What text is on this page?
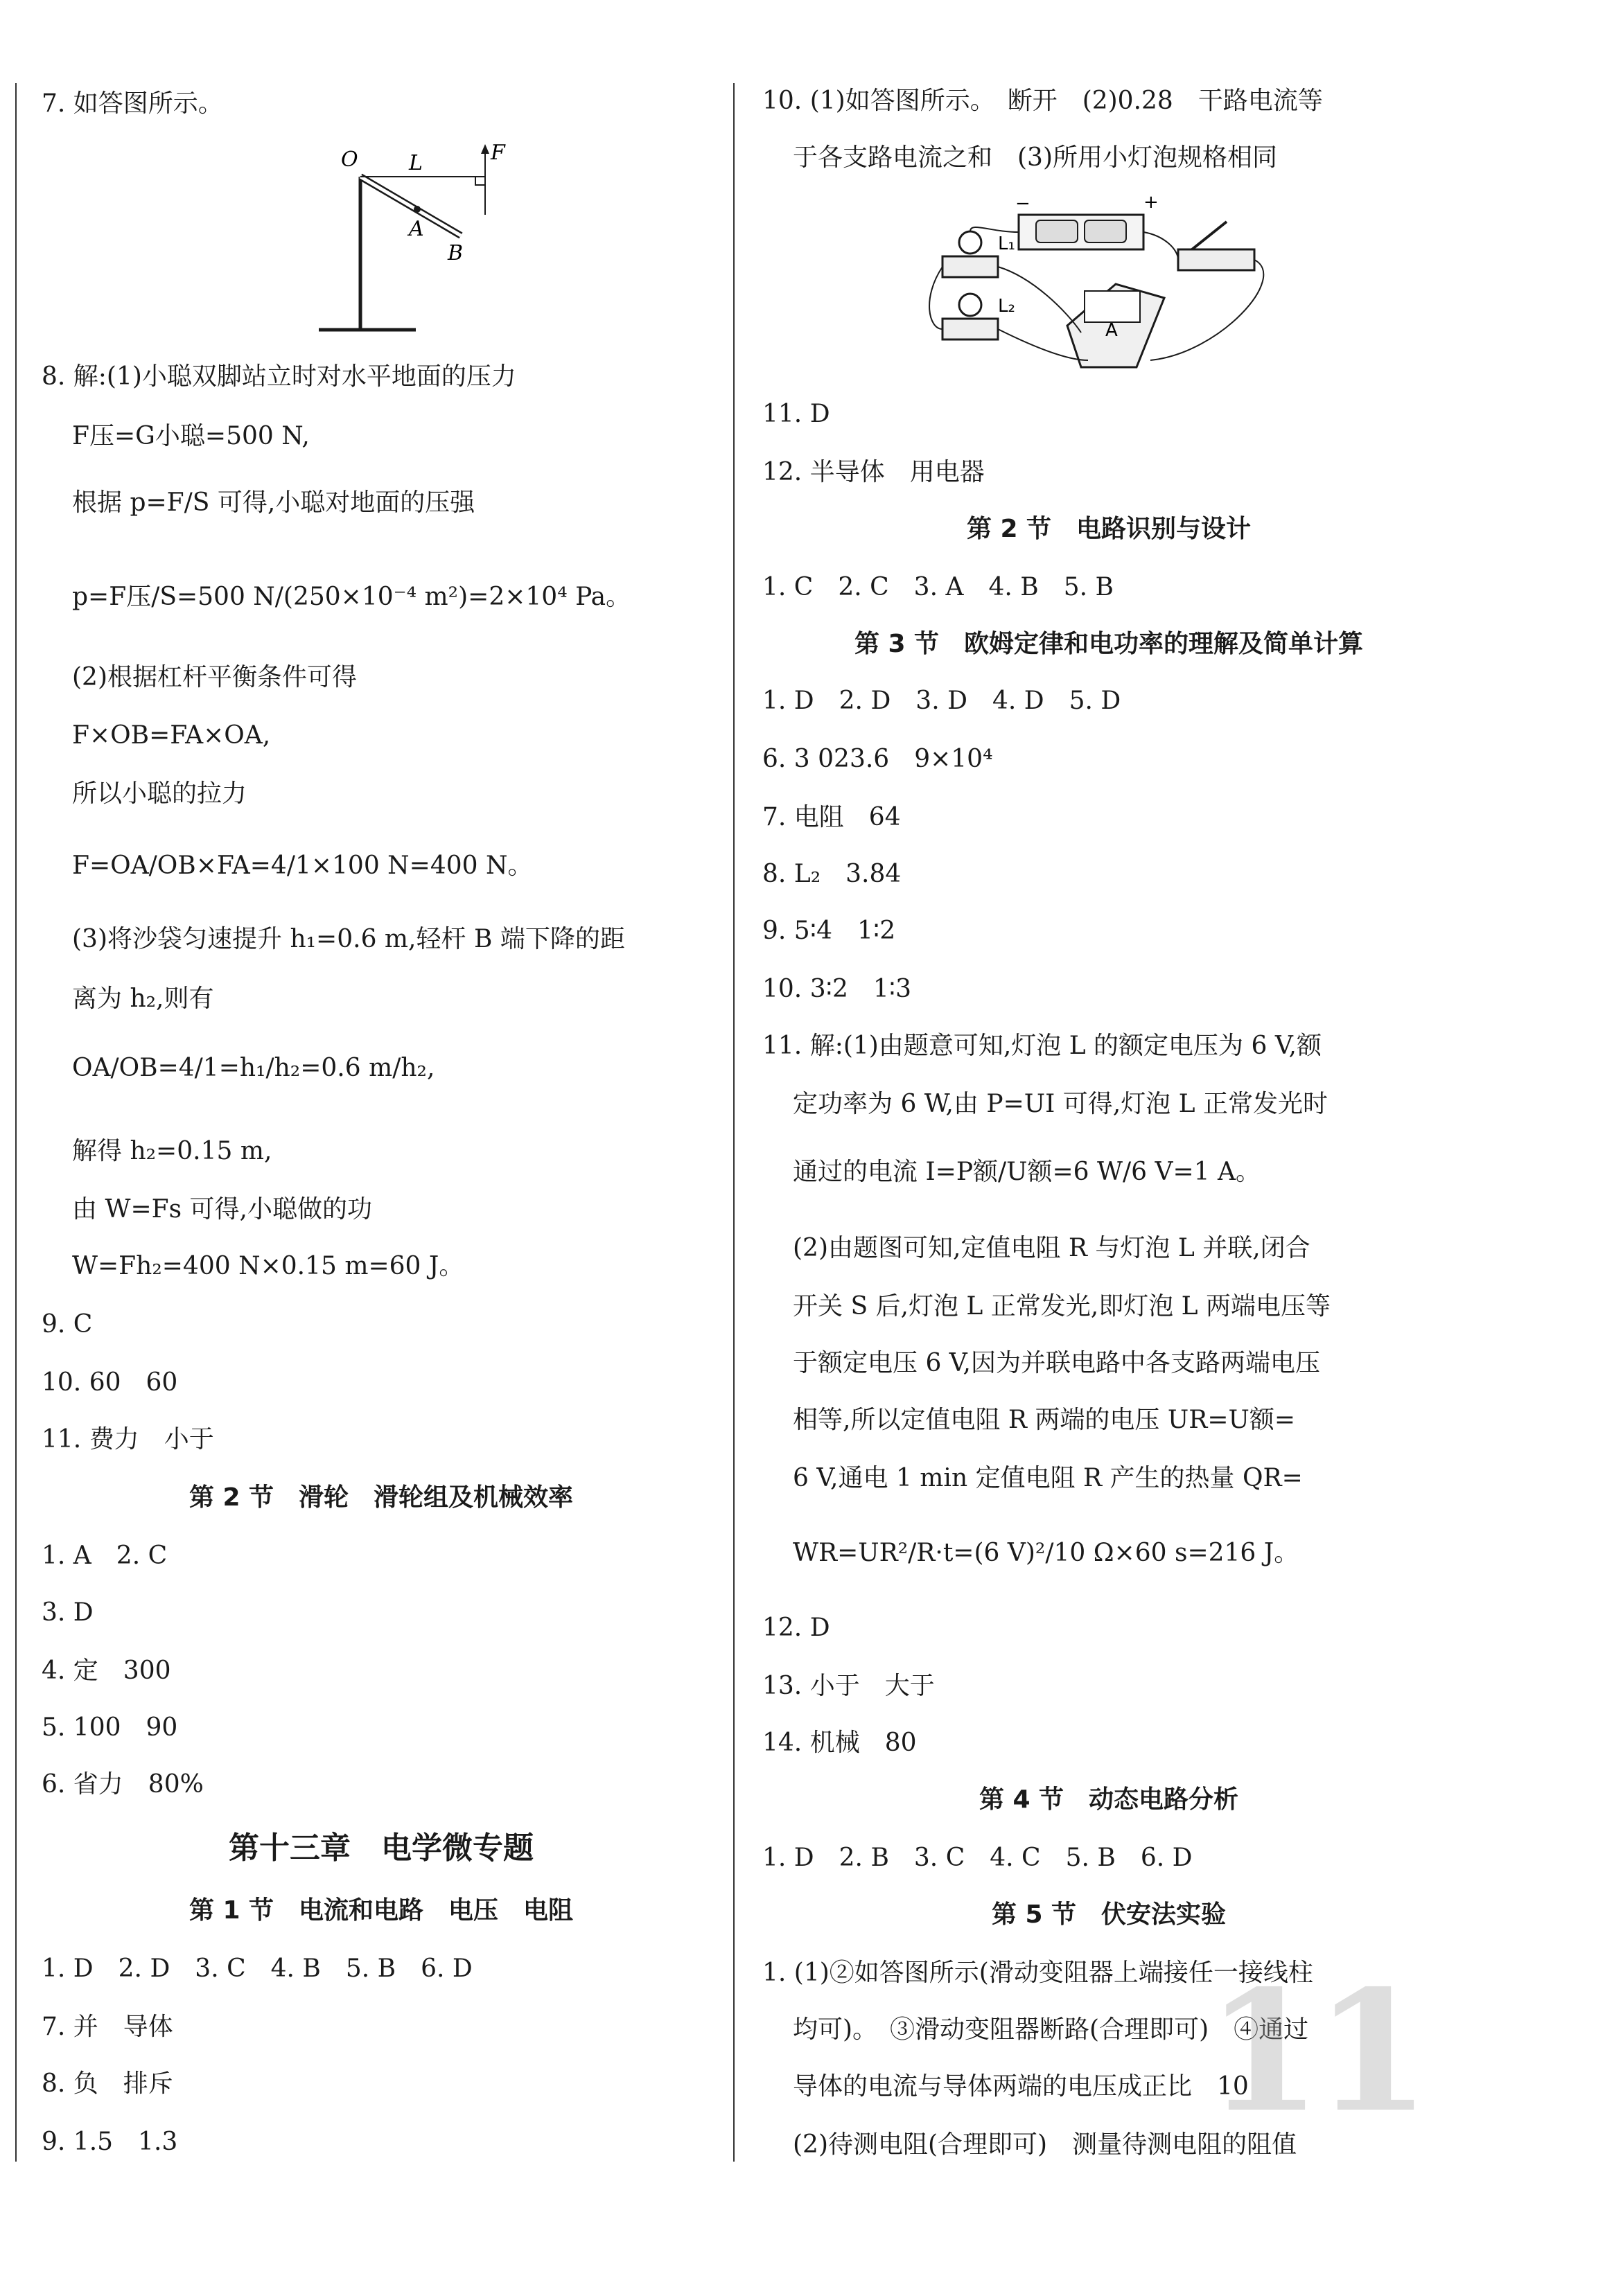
7. 如答图所示。
O L	F
A
B
8. 解:(1)小聪双脚站立时对水平地面的压力
F压=G小聪=500 N,
根据 p=F/S 可得,小聪对地面的压强
p=F压/S=500 N/(250×10⁻⁴ m²)=2×10⁴ Pa。
(2)根据杠杆平衡条件可得
F×OB=FA×OA,
所以小聪的拉力
F=OA/OB×FA=4/1×100 N=400 N。
(3)将沙袋匀速提升 h₁=0.6 m,轻杆 B 端下降的距
离为 h₂,则有
OA/OB=4/1=h₁/h₂=0.6 m/h₂,
解得 h₂=0.15 m,
由 W=Fs 可得,小聪做的功
W=Fh₂=400 N×0.15 m=60 J。
9. C
10. 60　60
11. 费力　小于
第 2 节　滑轮　滑轮组及机械效率
1. A　2. C
3. D
4. 定　300
5. 100　90
6. 省力　80%
第十三章　电学微专题
第 1 节　电流和电路　电压　电阻
1. D　2. D　3. C　4. B　5. B　6. D
7. 并　导体
8. 负　排斥
9. 1.5　1.3
10. (1)如答图所示。　断开　(2)0.28　干路电流等
于各支路电流之和　(3)所用小灯泡规格相同
−	+
L₁
L₂
A
11. D
12. 半导体　用电器
第 2 节　电路识别与设计
1. C　2. C　3. A　4. B　5. B
第 3 节　欧姆定律和电功率的理解及简单计算
1. D　2. D　3. D　4. D　5. D
6. 3 023.6　9×10⁴
7. 电阻　64
8. L₂　3.84
9. 5∶4　1∶2
10. 3∶2　1∶3
11. 解:(1)由题意可知,灯泡 L 的额定电压为 6 V,额
定功率为 6 W,由 P=UI 可得,灯泡 L 正常发光时
通过的电流 I=P额/U额=6 W/6 V=1 A。
(2)由题图可知,定值电阻 R 与灯泡 L 并联,闭合
开关 S 后,灯泡 L 正常发光,即灯泡 L 两端电压等
于额定电压 6 V,因为并联电路中各支路两端电压
相等,所以定值电阻 R 两端的电压 UR=U额=
6 V,通电 1 min 定值电阻 R 产生的热量 QR=
WR=UR²/R·t=(6 V)²/10 Ω×60 s=216 J。
12. D
13. 小于　大于
14. 机械　80
第 4 节　动态电路分析
1. D　2. B　3. C　4. C　5. B　6. D
第 5 节　伏安法实验
1. (1)②如答图所示(滑动变阻器上端接任一接线柱
均可)。　③滑动变阻器断路(合理即可)　④通过
导体的电流与导体两端的电压成正比　10
(2)待测电阻(合理即可)　测量待测电阻的阻值
11
